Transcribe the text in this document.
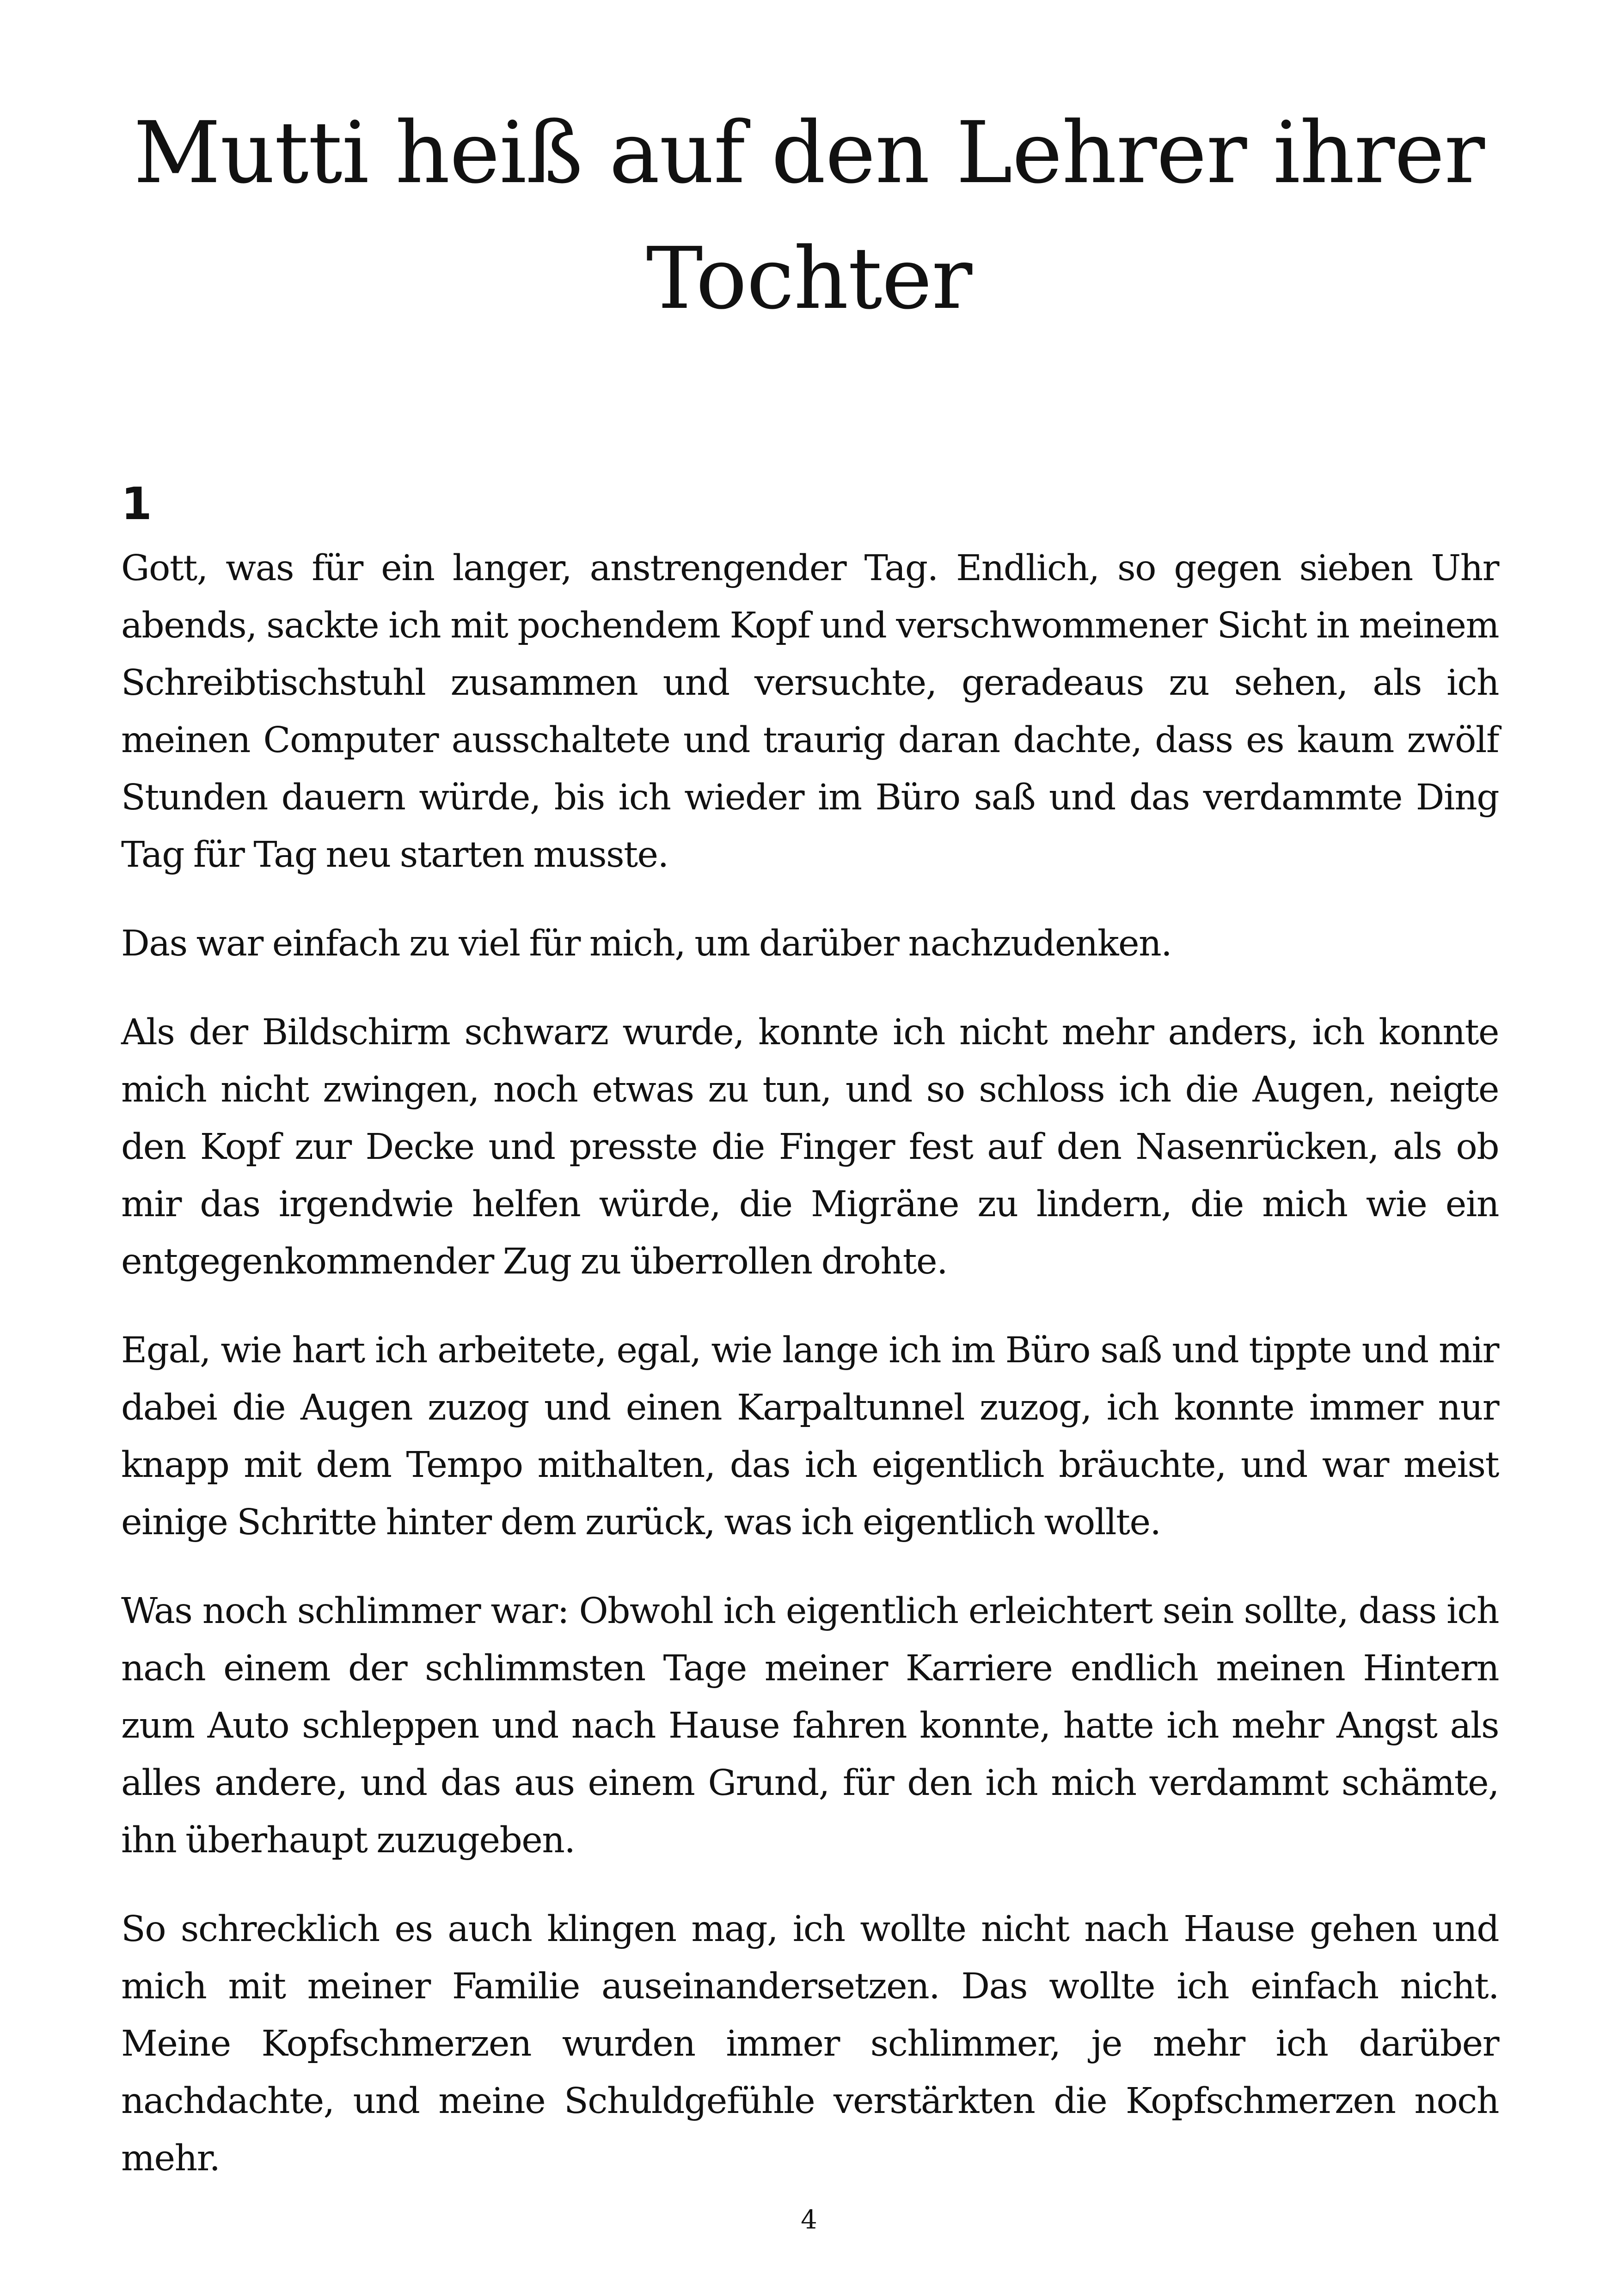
Mutti heiß auf den Lehrer ihrer Tochter
1

Gott, was für ein langer, anstrengender Tag. Endlich, so gegen sieben Uhr abends, sackte ich mit pochendem Kopf und verschwommener Sicht in meinem Schreibtischstuhl zusammen und versuchte, geradeaus zu sehen, als ich meinen Computer ausschaltete und traurig daran dachte, dass es kaum zwölf Stunden dauern würde, bis ich wieder im Büro saß und das verdammte Ding Tag für Tag neu starten musste.

Das war einfach zu viel für mich, um darüber nachzudenken.

Als der Bildschirm schwarz wurde, konnte ich nicht mehr anders, ich konnte mich nicht zwingen, noch etwas zu tun, und so schloss ich die Augen, neigte den Kopf zur Decke und presste die Finger fest auf den Nasenrücken, als ob mir das irgendwie helfen würde, die Migräne zu lindern, die mich wie ein entgegenkommender Zug zu überrollen drohte.

Egal, wie hart ich arbeitete, egal, wie lange ich im Büro saß und tippte und mir dabei die Augen zuzog und einen Karpaltunnel zuzog, ich konnte immer nur knapp mit dem Tempo mithalten, das ich eigentlich bräuchte, und war meist einige Schritte hinter dem zurück, was ich eigentlich wollte.

Was noch schlimmer war: Obwohl ich eigentlich erleichtert sein sollte, dass ich nach einem der schlimmsten Tage meiner Karriere endlich meinen Hintern zum Auto schleppen und nach Hause fahren konnte, hatte ich mehr Angst als alles andere, und das aus einem Grund, für den ich mich verdammt schämte, ihn überhaupt zuzugeben.

So schrecklich es auch klingen mag, ich wollte nicht nach Hause gehen und mich mit meiner Familie auseinandersetzen. Das wollte ich einfach nicht. Meine Kopfschmerzen wurden immer schlimmer, je mehr ich darüber nachdachte, und meine Schuldgefühle verstärkten die Kopfschmerzen noch mehr.

4
